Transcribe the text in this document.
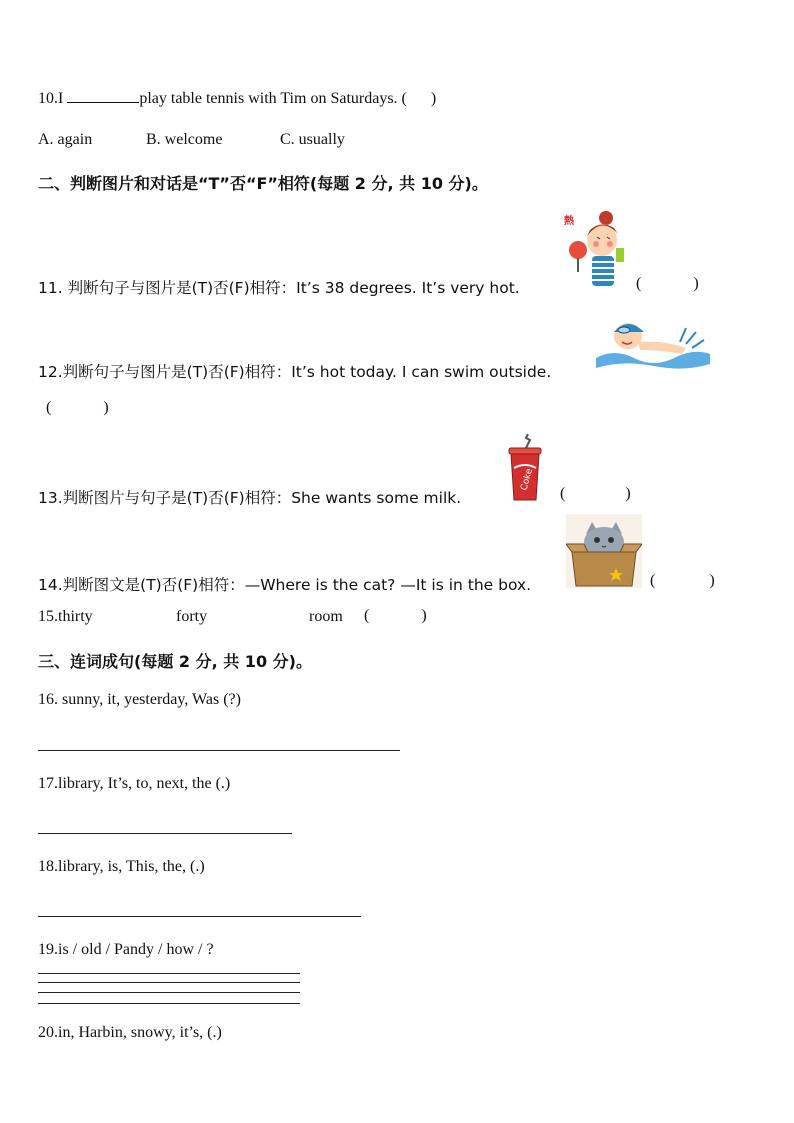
10.I	play table tennis with Tim on Saturdays. ( )
A. again	B. welcome	C. usually
二、判断图片和对话是“T”否“F”相符(每题 2 分, 共 10 分)。
11. 判断句子与图片是(T)否(F)相符：It’s 38 degrees. It’s very hot.	(	)
熱
12.判断句子与图片是(T)否(F)相符：It’s hot today. I can swim outside.
(	)
13.判断图片与句子是(T)否(F)相符：She wants some milk.	(	)
Coke
14.判断图文是(T)否(F)相符：—Where is the cat? —It is in the box.	(	)
15.thirty	forty	room (	)
三、连词成句(每题 2 分, 共 10 分)。
16. sunny, it, yesterday, Was (?)
17.library, It’s, to, next, the (.)
18.library, is, This, the, (.)
19.is / old / Pandy / how / ?
20.in, Harbin, snowy, it’s, (.)
